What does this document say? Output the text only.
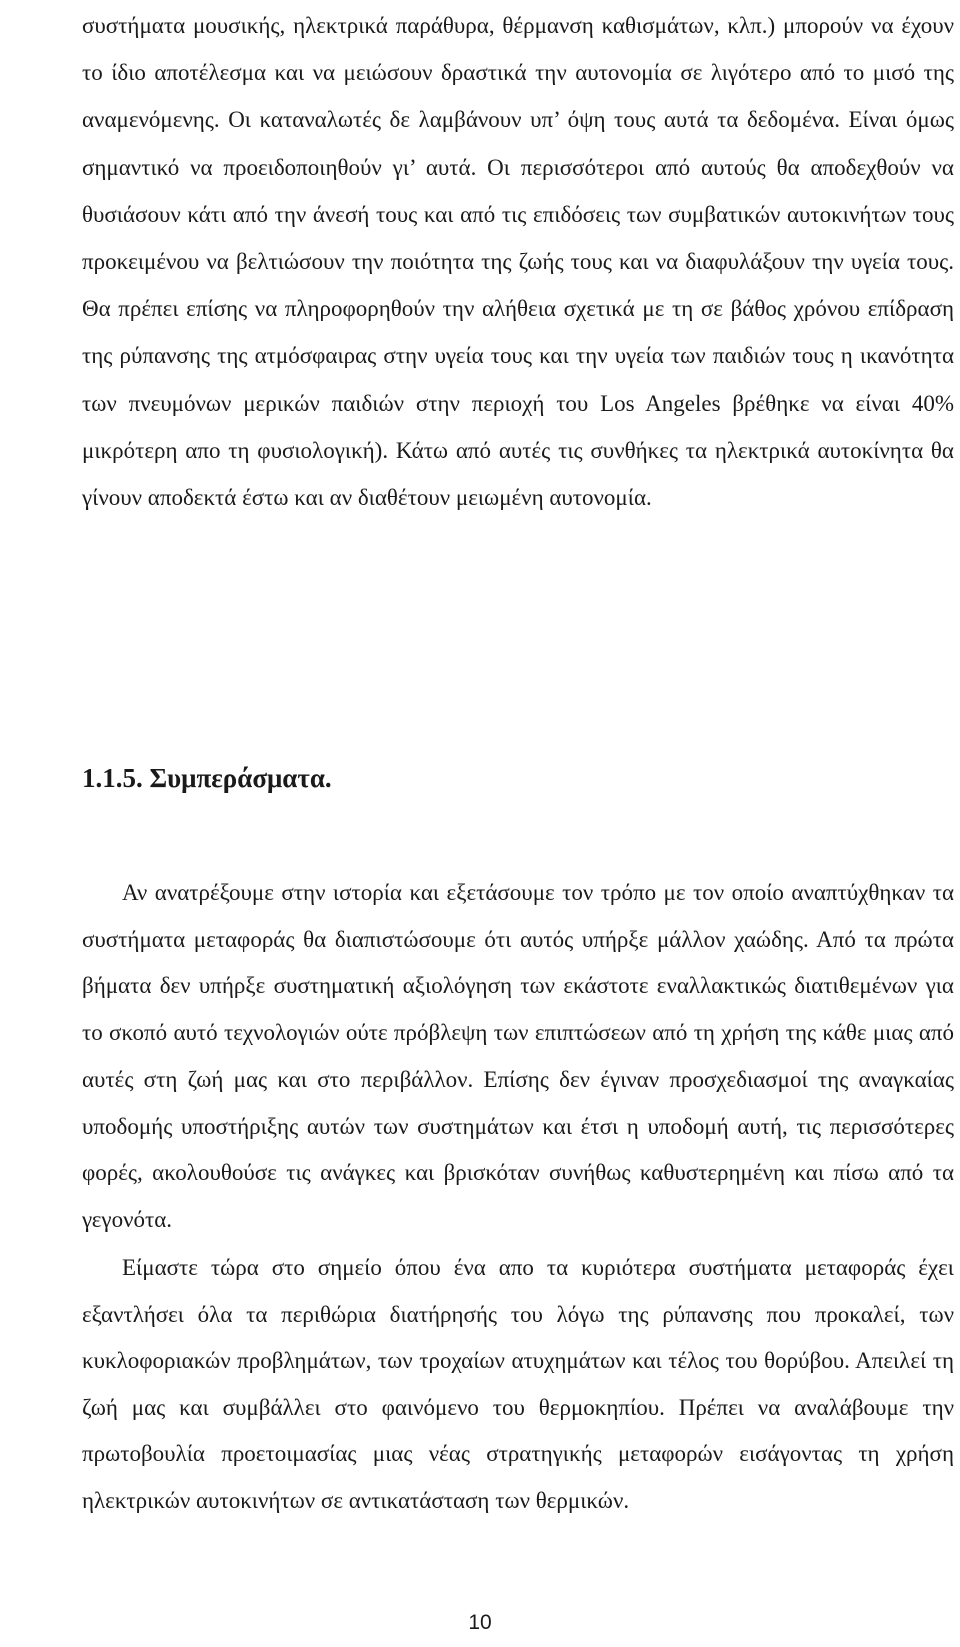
συστήματα μουσικής, ηλεκτρικά παράθυρα, θέρμανση καθισμάτων, κλπ.) μπορούν να έχουν το ίδιο αποτέλεσμα και να μειώσουν δραστικά την αυτονομία σε λιγότερο από το μισό της αναμενόμενης. Οι καταναλωτές δε λαμβάνουν υπ’ όψη τους αυτά τα δεδομένα. Είναι όμως σημαντικό να προειδοποιηθούν γι’ αυτά. Οι περισσότεροι από αυτούς θα αποδεχθούν να θυσιάσουν κάτι από την άνεσή τους και από τις επιδόσεις των συμβατικών αυτοκινήτων τους προκειμένου να βελτιώσουν την ποιότητα της ζωής τους και να διαφυλάξουν την υγεία τους. Θα πρέπει επίσης να πληροφορηθούν την αλήθεια σχετικά με τη σε βάθος χρόνου επίδραση της ρύπανσης της ατμόσφαιρας στην υγεία τους και την υγεία των παιδιών τους η ικανότητα των πνευμόνων μερικών παιδιών στην περιοχή του Los Angeles βρέθηκε να είναι 40% μικρότερη απο τη φυσιολογική). Κάτω από αυτές τις συνθήκες τα ηλεκτρικά αυτοκίνητα θα γίνουν αποδεκτά έστω και αν διαθέτουν μειωμένη αυτονομία.

1.1.5. Συμπεράσματα.

Αν ανατρέξουμε στην ιστορία και εξετάσουμε τον τρόπο με τον οποίο αναπτύχθηκαν τα συστήματα μεταφοράς θα διαπιστώσουμε ότι αυτός υπήρξε μάλλον χαώδης. Από τα πρώτα βήματα δεν υπήρξε συστηματική αξιολόγηση των εκάστοτε εναλλακτικώς διατιθεμένων για το σκοπό αυτό τεχνολογιών ούτε πρόβλεψη των επιπτώσεων από τη χρήση της κάθε μιας από αυτές στη ζωή μας και στο περιβάλλον. Επίσης δεν έγιναν προσχεδιασμοί της αναγκαίας υποδομής υποστήριξης αυτών των συστημάτων και έτσι η υποδομή αυτή, τις περισσότερες φορές, ακολουθούσε τις ανάγκες και βρισκόταν συνήθως καθυστερημένη και πίσω από τα γεγονότα.

Είμαστε τώρα στο σημείο όπου ένα απο τα κυριότερα συστήματα μεταφοράς έχει εξαντλήσει όλα τα περιθώρια διατήρησής του λόγω της ρύπανσης που προκαλεί, των κυκλοφοριακών προβλημάτων, των τροχαίων ατυχημάτων και τέλος του θορύβου. Απειλεί τη ζωή μας και συμβάλλει στο φαινόμενο του θερμοκηπίου. Πρέπει να αναλάβουμε την πρωτοβουλία προετοιμασίας μιας νέας στρατηγικής μεταφορών εισάγοντας τη χρήση ηλεκτρικών αυτοκινήτων σε αντικατάσταση των θερμικών.

10
